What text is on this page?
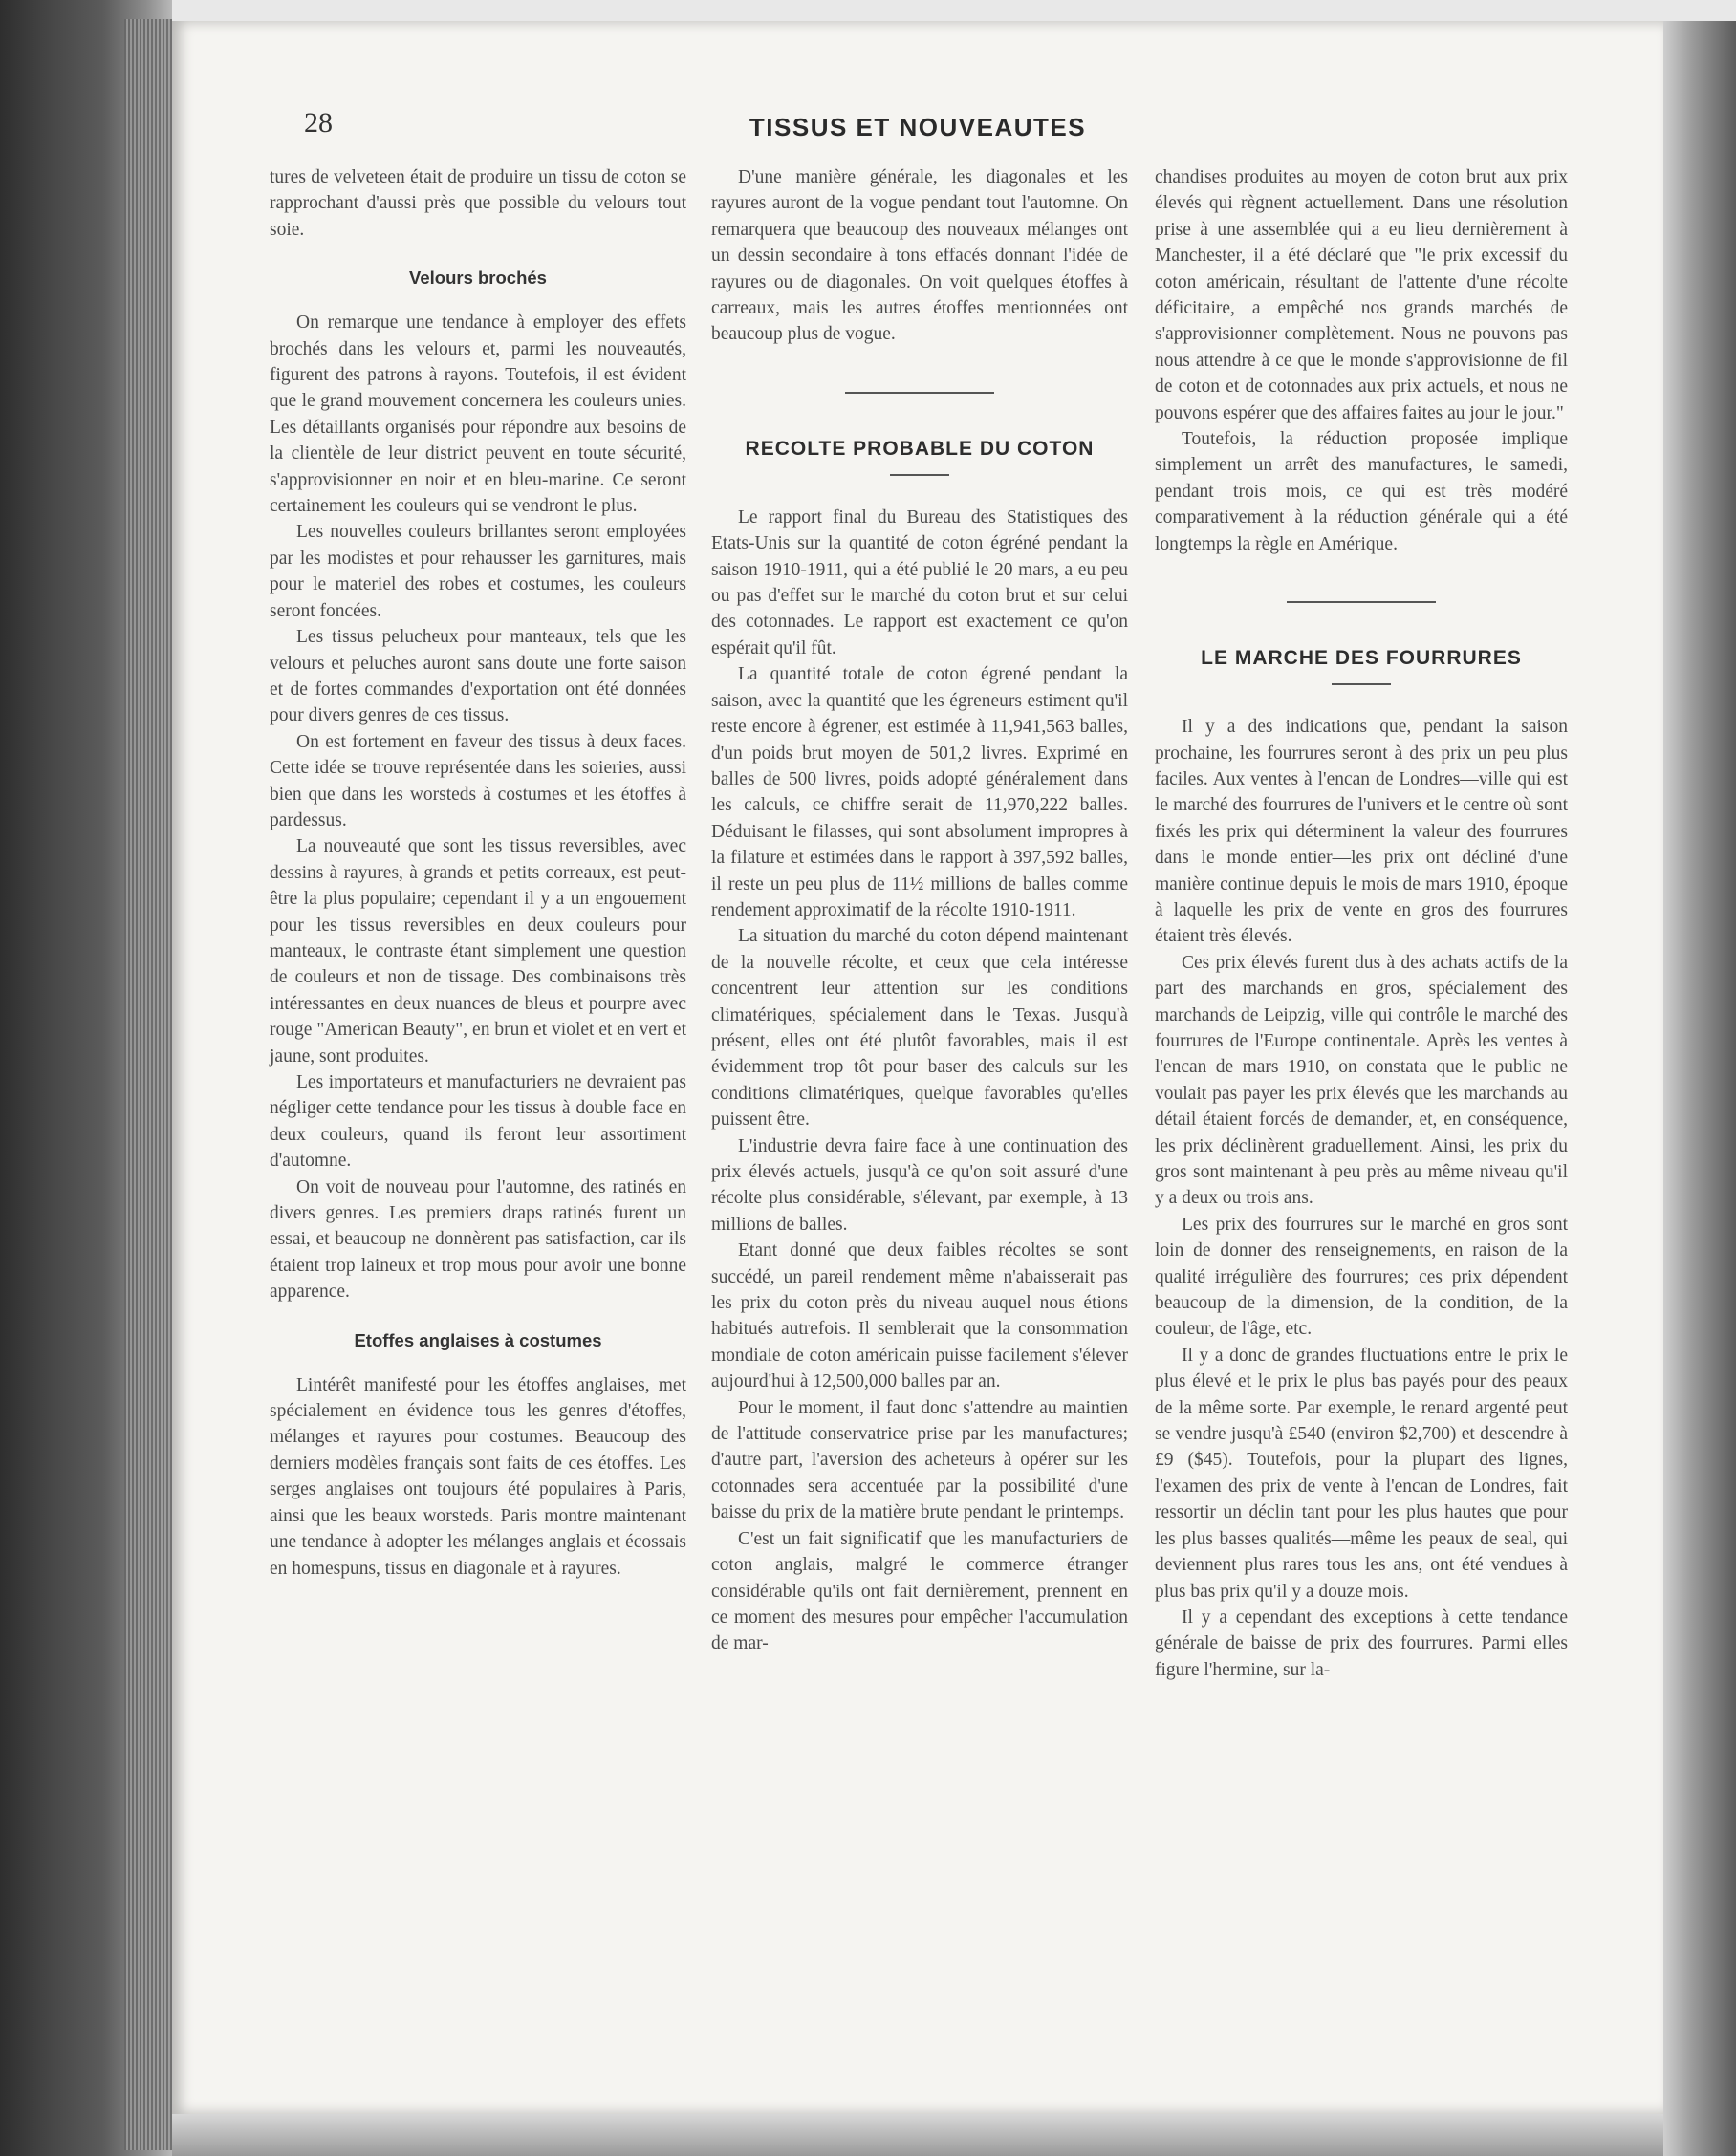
28	TISSUS ET NOUVEAUTES

tures de velveteen était de produire un tissu de coton se rapprochant d'aussi près que possible du velours tout soie.

Velours brochés

On remarque une tendance à employer des effets brochés dans les velours et, parmi les nouveautés, figurent des patrons à rayons. Toutefois, il est évident que le grand mouvement concernera les couleurs unies. Les détaillants organisés pour répondre aux besoins de la clientèle de leur district peuvent en toute sécurité, s'approvisionner en noir et en bleu-marine. Ce seront certainement les couleurs qui se vendront le plus.

Les nouvelles couleurs brillantes seront employées par les modistes et pour rehausser les garnitures, mais pour le materiel des robes et costumes, les couleurs seront foncées.

Les tissus pelucheux pour manteaux, tels que les velours et peluches auront sans doute une forte saison et de fortes commandes d'exportation ont été données pour divers genres de ces tissus.

On est fortement en faveur des tissus à deux faces. Cette idée se trouve représentée dans les soieries, aussi bien que dans les worsteds à costumes et les étoffes à pardessus.

La nouveauté que sont les tissus reversibles, avec dessins à rayures, à grands et petits correaux, est peut-être la plus populaire; cependant il y a un engouement pour les tissus reversibles en deux couleurs pour manteaux, le contraste étant simplement une question de couleurs et non de tissage. Des combinaisons très intéressantes en deux nuances de bleus et pourpre avec rouge "American Beauty", en brun et violet et en vert et jaune, sont produites.

Les importateurs et manufacturiers ne devraient pas négliger cette tendance pour les tissus à double face en deux couleurs, quand ils feront leur assortiment d'automne.

On voit de nouveau pour l'automne, des ratinés en divers genres. Les premiers draps ratinés furent un essai, et beaucoup ne donnèrent pas satisfaction, car ils étaient trop laineux et trop mous pour avoir une bonne apparence.

Etoffes anglaises à costumes

Lintérêt manifesté pour les étoffes anglaises, met spécialement en évidence tous les genres d'étoffes, mélanges et rayures pour costumes. Beaucoup des derniers modèles français sont faits de ces étoffes. Les serges anglaises ont toujours été populaires à Paris, ainsi que les beaux worsteds. Paris montre maintenant une tendance à adopter les mélanges anglais et écossais en homespuns, tissus en diagonale et à rayures.

D'une manière générale, les diagonales et les rayures auront de la vogue pendant tout l'automne. On remarquera que beaucoup des nouveaux mélanges ont un dessin secondaire à tons effacés donnant l'idée de rayures ou de diagonales. On voit quelques étoffes à carreaux, mais les autres étoffes mentionnées ont beaucoup plus de vogue.

RECOLTE PROBABLE DU COTON

Le rapport final du Bureau des Statistiques des Etats-Unis sur la quantité de coton égréné pendant la saison 1910-1911, qui a été publié le 20 mars, a eu peu ou pas d'effet sur le marché du coton brut et sur celui des cotonnades. Le rapport est exactement ce qu'on espérait qu'il fût.

La quantité totale de coton égrené pendant la saison, avec la quantité que les égreneurs estiment qu'il reste encore à égrener, est estimée à 11,941,563 balles, d'un poids brut moyen de 501,2 livres. Exprimé en balles de 500 livres, poids adopté généralement dans les calculs, ce chiffre serait de 11,970,222 balles. Déduisant le filasses, qui sont absolument impropres à la filature et estimées dans le rapport à 397,592 balles, il reste un peu plus de 11½ millions de balles comme rendement approximatif de la récolte 1910-1911.

La situation du marché du coton dépend maintenant de la nouvelle récolte, et ceux que cela intéresse concentrent leur attention sur les conditions climatériques, spécialement dans le Texas. Jusqu'à présent, elles ont été plutôt favorables, mais il est évidemment trop tôt pour baser des calculs sur les conditions climatériques, quelque favorables qu'elles puissent être.

L'industrie devra faire face à une continuation des prix élevés actuels, jusqu'à ce qu'on soit assuré d'une récolte plus considérable, s'élevant, par exemple, à 13 millions de balles.

Etant donné que deux faibles récoltes se sont succédé, un pareil rendement même n'abaisserait pas les prix du coton près du niveau auquel nous étions habitués autrefois. Il semblerait que la consommation mondiale de coton américain puisse facilement s'élever aujourd'hui à 12,500,000 balles par an.

Pour le moment, il faut donc s'attendre au maintien de l'attitude conservatrice prise par les manufactures; d'autre part, l'aversion des acheteurs à opérer sur les cotonnades sera accentuée par la possibilité d'une baisse du prix de la matière brute pendant le printemps.

C'est un fait significatif que les manufacturiers de coton anglais, malgré le commerce étranger considérable qu'ils ont fait dernièrement, prennent en ce moment des mesures pour empêcher l'accumulation de mar-

chandises produites au moyen de coton brut aux prix élevés qui règnent actuellement. Dans une résolution prise à une assemblée qui a eu lieu dernièrement à Manchester, il a été déclaré que "le prix excessif du coton américain, résultant de l'attente d'une récolte déficitaire, a empêché nos grands marchés de s'approvisionner complètement. Nous ne pouvons pas nous attendre à ce que le monde s'approvisionne de fil de coton et de cotonnades aux prix actuels, et nous ne pouvons espérer que des affaires faites au jour le jour."

Toutefois, la réduction proposée implique simplement un arrêt des manufactures, le samedi, pendant trois mois, ce qui est très modéré comparativement à la réduction générale qui a été longtemps la règle en Amérique.

LE MARCHE DES FOURRURES

Il y a des indications que, pendant la saison prochaine, les fourrures seront à des prix un peu plus faciles. Aux ventes à l'encan de Londres—ville qui est le marché des fourrures de l'univers et le centre où sont fixés les prix qui déterminent la valeur des fourrures dans le monde entier—les prix ont décliné d'une manière continue depuis le mois de mars 1910, époque à laquelle les prix de vente en gros des fourrures étaient très élevés.

Ces prix élevés furent dus à des achats actifs de la part des marchands en gros, spécialement des marchands de Leipzig, ville qui contrôle le marché des fourrures de l'Europe continentale. Après les ventes à l'encan de mars 1910, on constata que le public ne voulait pas payer les prix élevés que les marchands au détail étaient forcés de demander, et, en conséquence, les prix déclinèrent graduellement. Ainsi, les prix du gros sont maintenant à peu près au même niveau qu'il y a deux ou trois ans.

Les prix des fourrures sur le marché en gros sont loin de donner des renseignements, en raison de la qualité irrégulière des fourrures; ces prix dépendent beaucoup de la dimension, de la condition, de la couleur, de l'âge, etc.

Il y a donc de grandes fluctuations entre le prix le plus élevé et le prix le plus bas payés pour des peaux de la même sorte. Par exemple, le renard argenté peut se vendre jusqu'à £540 (environ $2,700) et descendre à £9 ($45). Toutefois, pour la plupart des lignes, l'examen des prix de vente à l'encan de Londres, fait ressortir un déclin tant pour les plus hautes que pour les plus basses qualités—même les peaux de seal, qui deviennent plus rares tous les ans, ont été vendues à plus bas prix qu'il y a douze mois.

Il y a cependant des exceptions à cette tendance générale de baisse de prix des fourrures. Parmi elles figure l'hermine, sur la-
